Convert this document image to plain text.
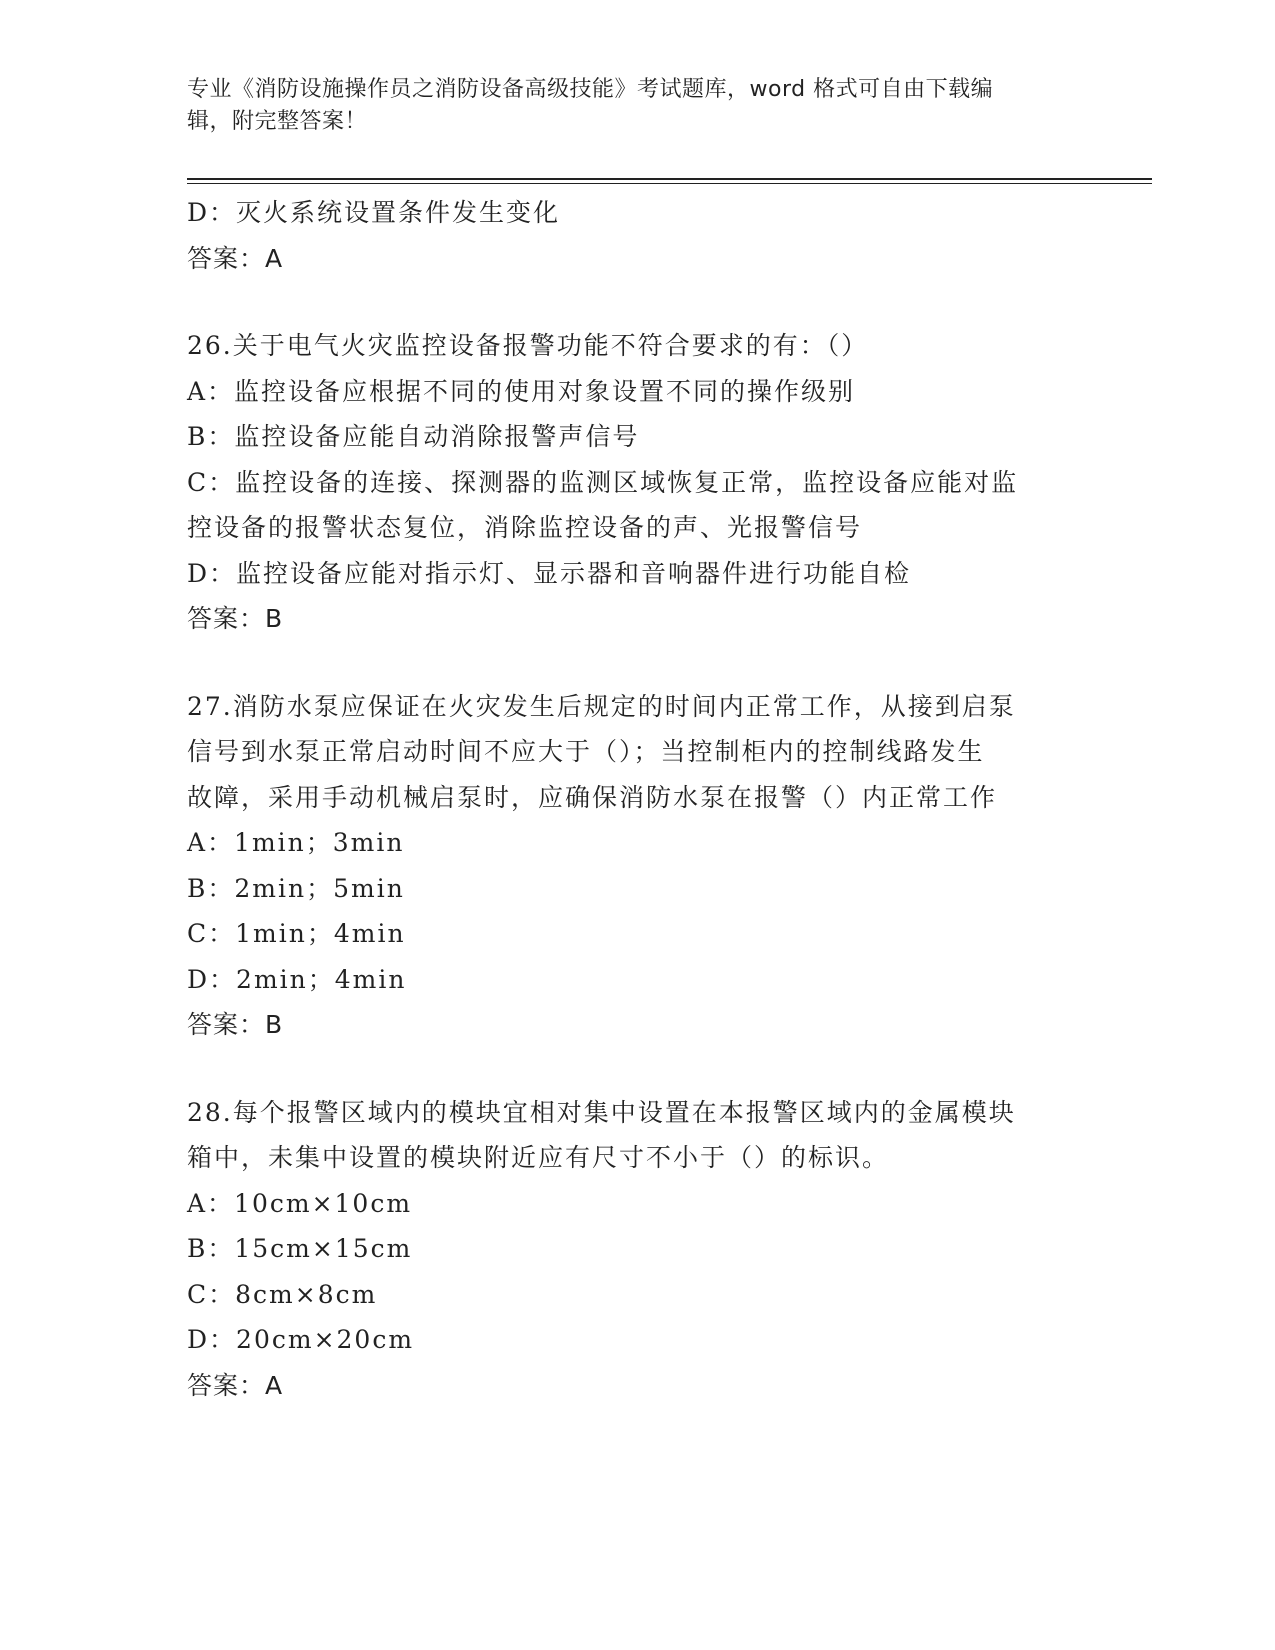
专业《消防设施操作员之消防设备高级技能》考试题库，word 格式可自由下载编
辑，附完整答案！

D：灭火系统设置条件发生变化

答案：A

26.关于电气火灾监控设备报警功能不符合要求的有：（）

A：监控设备应根据不同的使用对象设置不同的操作级别

B：监控设备应能自动消除报警声信号

C：监控设备的连接、探测器的监测区域恢复正常，监控设备应能对监

控设备的报警状态复位，消除监控设备的声、光报警信号

D：监控设备应能对指示灯、显示器和音响器件进行功能自检

答案：B

27.消防水泵应保证在火灾发生后规定的时间内正常工作，从接到启泵

信号到水泵正常启动时间不应大于（）；当控制柜内的控制线路发生

故障，采用手动机械启泵时，应确保消防水泵在报警（）内正常工作

A：1min；3min

B：2min；5min

C：1min；4min

D：2min；4min

答案：B

28.每个报警区域内的模块宜相对集中设置在本报警区域内的金属模块

箱中，未集中设置的模块附近应有尺寸不小于（）的标识。

A：10cm×10cm

B：15cm×15cm

C：8cm×8cm

D：20cm×20cm

答案：A
